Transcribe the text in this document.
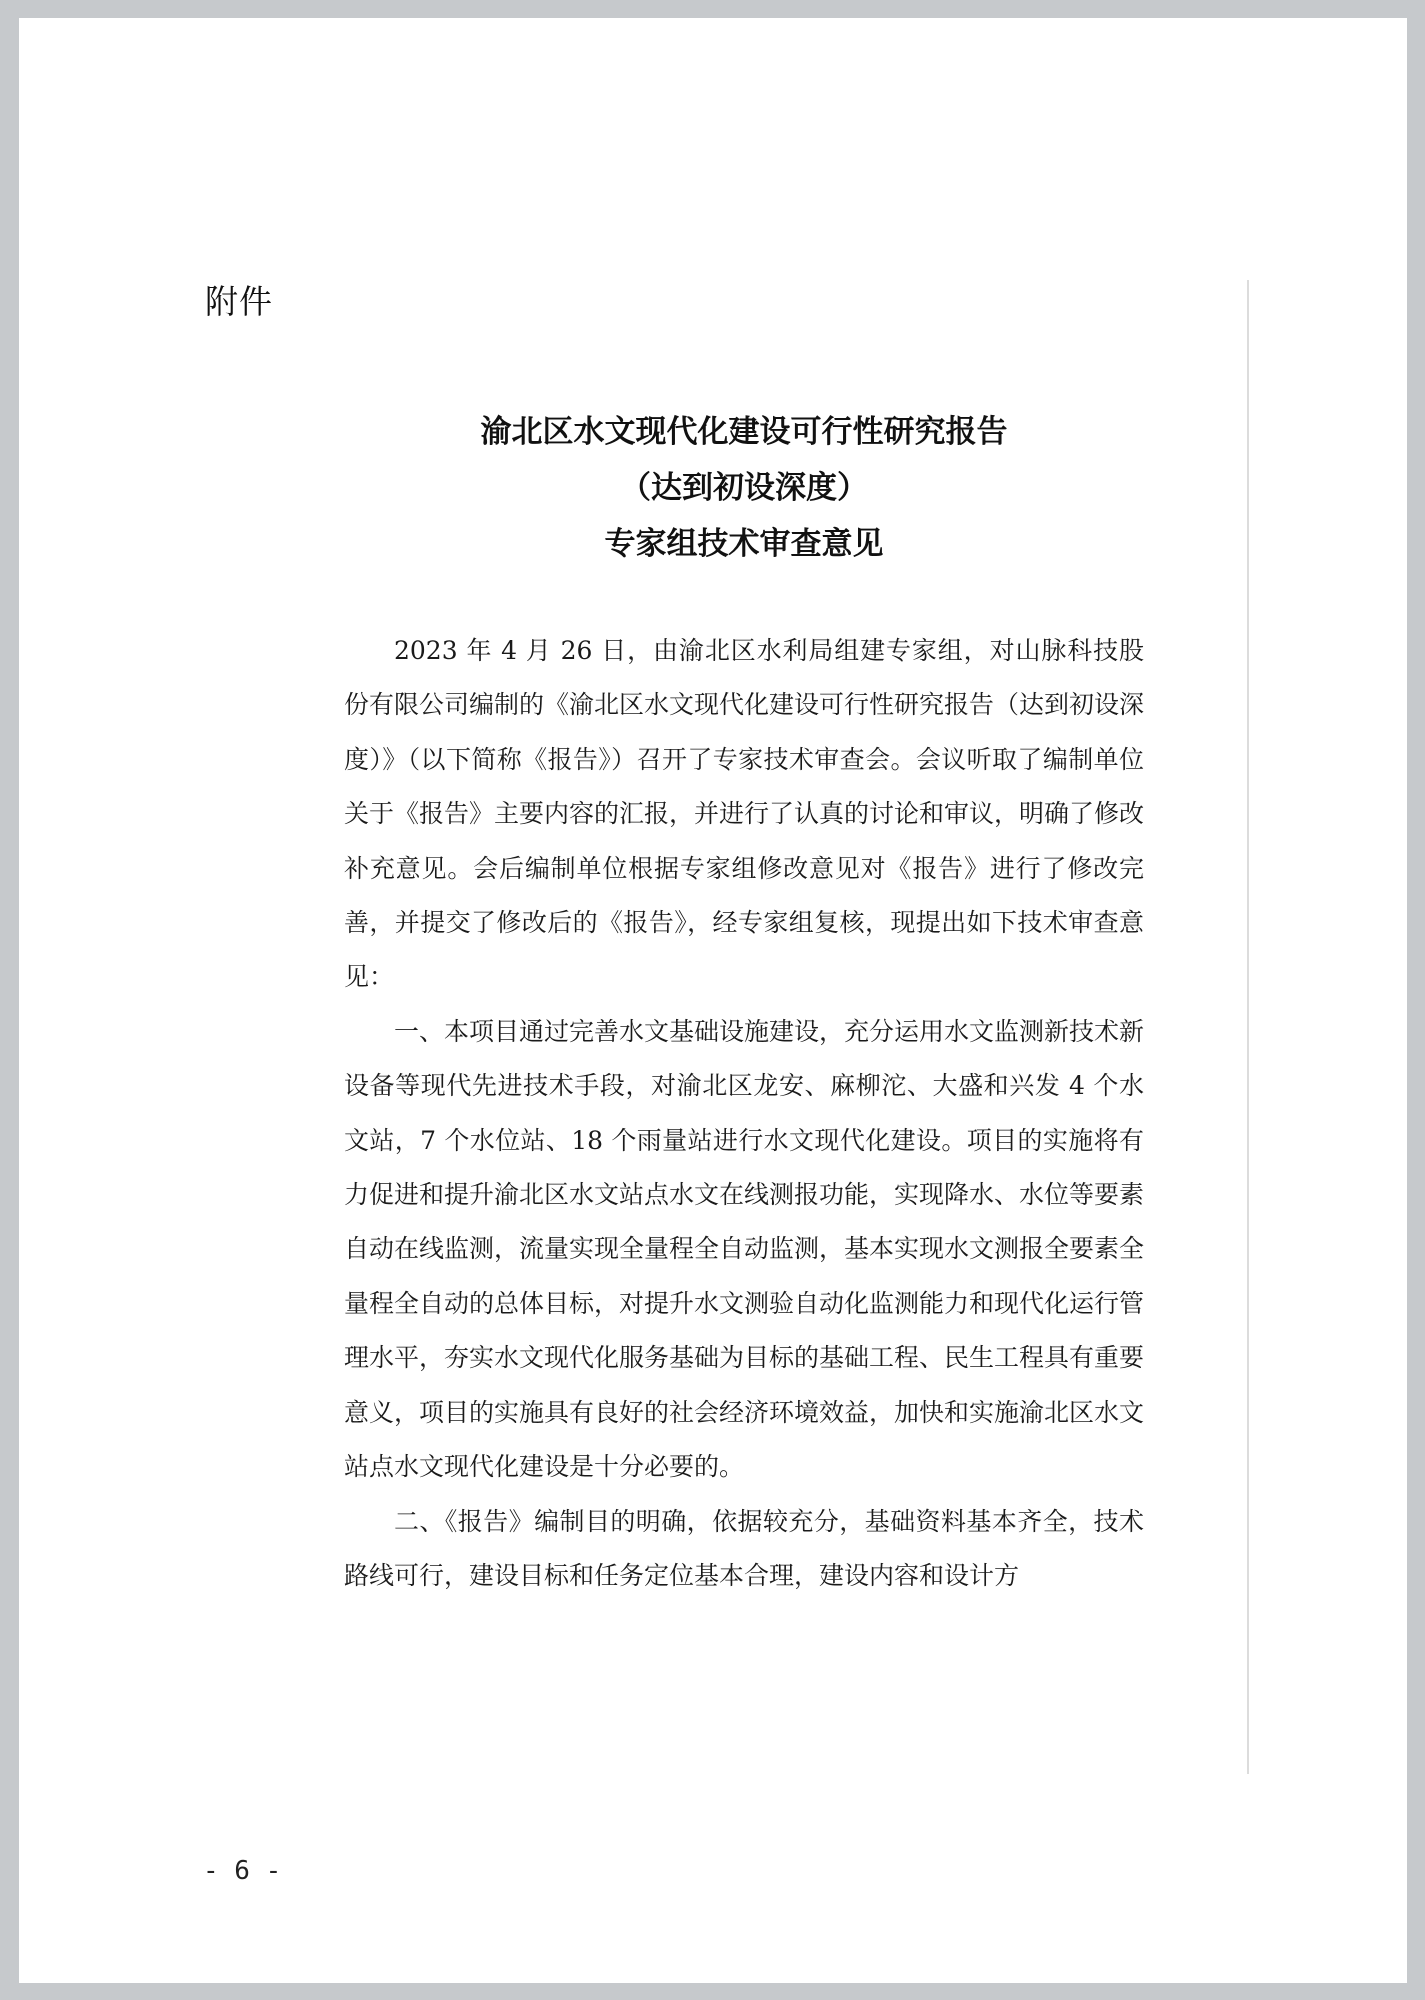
附件
渝北区水文现代化建设可行性研究报告
（达到初设深度）
专家组技术审查意见

2023 年 4 月 26 日，由渝北区水利局组建专家组，对山脉科技股份有限公司编制的《渝北区水文现代化建设可行性研究报告（达到初设深度）》（以下简称《报告》）召开了专家技术审查会。会议听取了编制单位关于《报告》主要内容的汇报，并进行了认真的讨论和审议，明确了修改补充意见。会后编制单位根据专家组修改意见对《报告》进行了修改完善，并提交了修改后的《报告》，经专家组复核，现提出如下技术审查意见：

一、本项目通过完善水文基础设施建设，充分运用水文监测新技术新设备等现代先进技术手段，对渝北区龙安、麻柳沱、大盛和兴发 4 个水文站，7 个水位站、18 个雨量站进行水文现代化建设。项目的实施将有力促进和提升渝北区水文站点水文在线测报功能，实现降水、水位等要素自动在线监测，流量实现全量程全自动监测，基本实现水文测报全要素全量程全自动的总体目标，对提升水文测验自动化监测能力和现代化运行管理水平，夯实水文现代化服务基础为目标的基础工程、民生工程具有重要意义，项目的实施具有良好的社会经济环境效益，加快和实施渝北区水文站点水文现代化建设是十分必要的。

二、《报告》编制目的明确，依据较充分，基础资料基本齐全，技术路线可行，建设目标和任务定位基本合理，建设内容和设计方

- 6 -
